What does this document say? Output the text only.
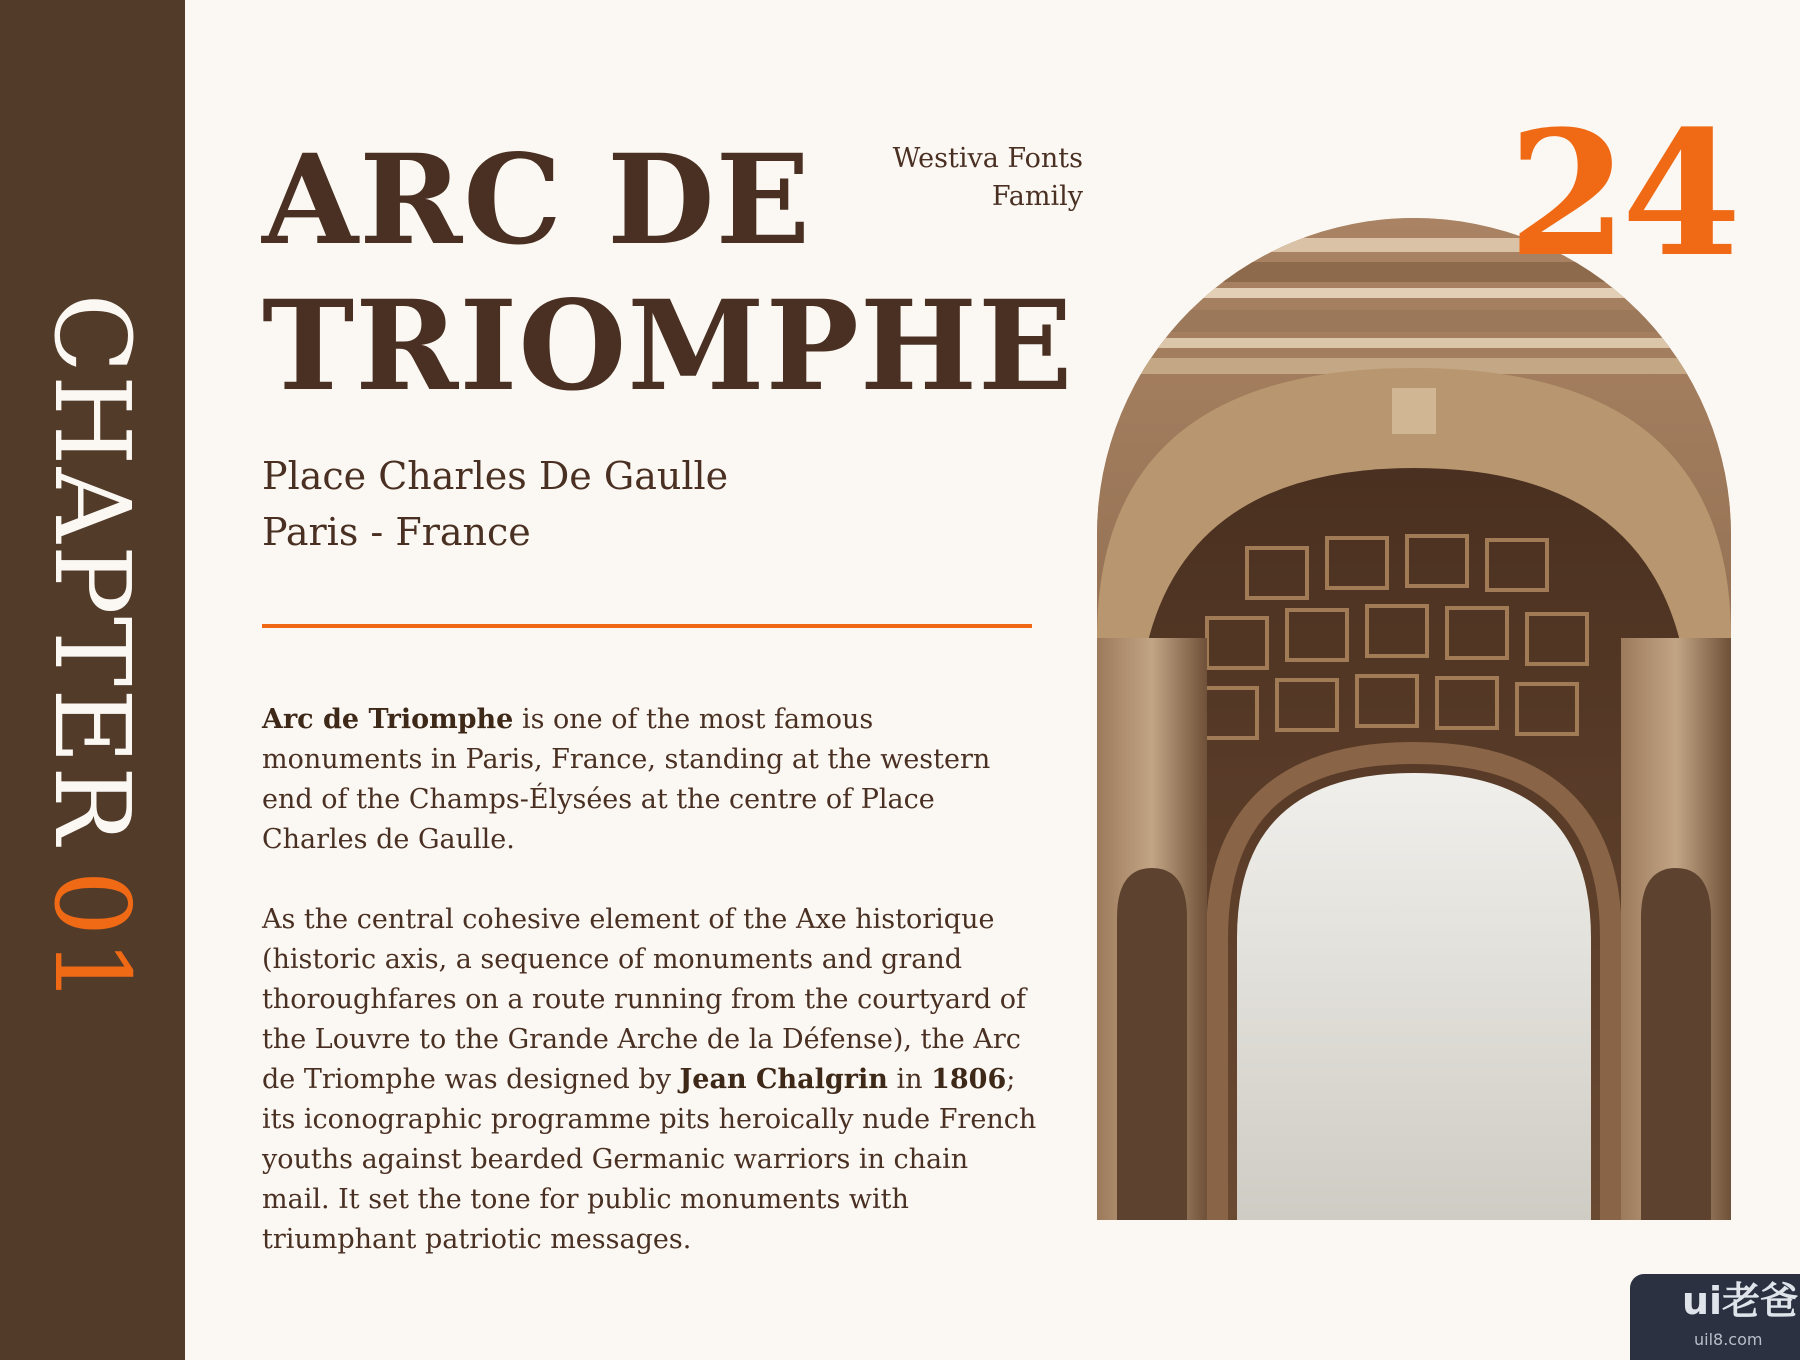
CHAPTER01
ARC DE
TRIOMPHE
Westiva Fonts
Family
Place Charles De Gaulle
Paris - France

Arc de Triomphe is one of the most famous monuments in Paris, France, standing at the western end of the Champs-Élysées at the centre of Place Charles de Gaulle.

As the central cohesive element of the Axe historique (historic axis, a sequence of monuments and grand thoroughfares on a route running from the courtyard of the Louvre to the Grande Arche de la Défense), the Arc de Triomphe was designed by Jean Chalgrin in 1806; its iconographic programme pits heroically nude French youths against bearded Germanic warriors in chain mail. It set the tone for public monuments with triumphant patriotic messages.

24
ui老爸
uil8.com
